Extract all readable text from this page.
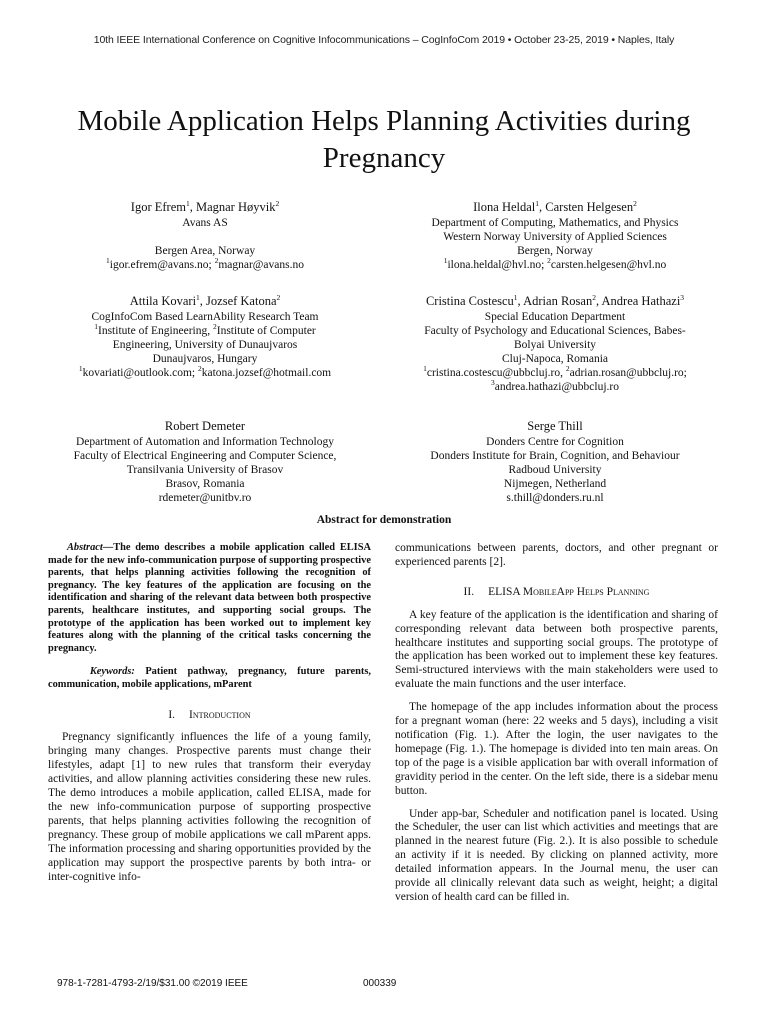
10th IEEE International Conference on Cognitive Infocommunications – CogInfoCom 2019 • October 23-25, 2019 • Naples, Italy
Mobile Application Helps Planning Activities during
Pregnancy
Igor Efrem$^1$, Magnar Høyvik$^2$
Avans AS
Bergen Area, Norway
$^1$igor.efrem@avans.no; $^2$magnar@avans.no
Ilona Heldal$^1$, Carsten Helgesen$^2$
Department of Computing, Mathematics, and Physics
Western Norway University of Applied Sciences
Bergen, Norway
$^1$ilona.heldal@hvl.no; $^2$carsten.helgesen@hvl.no
Attila Kovari$^1$, Jozsef Katona$^2$
CogInfoCom Based LearnAbility Research Team
$^1$Institute of Engineering, $^2$Institute of Computer
Engineering, University of Dunaujvaros
Dunaujvaros, Hungary
$^1$kovariati@outlook.com; $^2$katona.jozsef@hotmail.com
Cristina Costescu$^1$, Adrian Rosan$^2$, Andrea Hathazi$^3$
Special Education Department
Faculty of Psychology and Educational Sciences, Babes-
Bolyai University
Cluj-Napoca, Romania
$^1$cristina.costescu@ubbcluj.ro, $^2$adrian.rosan@ubbcluj.ro;
$^3$andrea.hathazi@ubbcluj.ro
Robert Demeter
Department of Automation and Information Technology
Faculty of Electrical Engineering and Computer Science,
Transilvania University of Brasov
Brasov, Romania
rdemeter@unitbv.ro
Serge Thill
Donders Centre for Cognition
Donders Institute for Brain, Cognition, and Behaviour
Radboud University
Nijmegen, Netherland
s.thill@donders.ru.nl
Abstract for demonstration
Abstract—The demo describes a mobile application called ELISA made for the new info-communication purpose of supporting prospective parents, that helps planning activities following the recognition of pregnancy. The key features of the application are focusing on the identification and sharing of the relevant data between both prospective parents, healthcare institutes, and supporting social groups. The prototype of the application has been worked out to implement key features along with the planning of the critical tasks concerning the pregnancy.
Keywords: Patient pathway, pregnancy, future parents, communication, mobile applications, mParent
I. Introduction

Pregnancy significantly influences the life of a young family, bringing many changes. Prospective parents must change their lifestyles, adapt [1] to new rules that transform their everyday activities, and allow planning activities considering these new rules. The demo introduces a mobile application, called ELISA, made for the new info-communication purpose of supporting prospective parents, that helps planning activities following the recognition of pregnancy. These group of mobile applications we call mParent apps. The information processing and sharing opportunities provided by the application may support the prospective parents by both intra- or inter-cognitive info-

communications between parents, doctors, and other pregnant or experienced parents [2].

II. ELISA MobileApp Helps Planning

A key feature of the application is the identification and sharing of corresponding relevant data between both prospective parents, healthcare institutes and supporting social groups. The prototype of the application has been worked out to implement these key features. Semi-structured interviews with the main stakeholders were used to evaluate the main functions and the user interface.

The homepage of the app includes information about the process for a pregnant woman (here: 22 weeks and 5 days), including a visit notification (Fig. 1.). After the login, the user navigates to the homepage (Fig. 1.). The homepage is divided into ten main areas. On top of the page is a visible application bar with overall information of gravidity period in the center. On the left side, there is a sidebar menu button.

Under app-bar, Scheduler and notification panel is located. Using the Scheduler, the user can list which activities and meetings that are planned in the nearest future (Fig. 2.). It is also possible to schedule an activity if it is needed. By clicking on planned activity, more detailed information appears. In the Journal menu, the user can provide all clinically relevant data such as weight, height; a digital version of health card can be filled in.

978-1-7281-4793-2/19/$31.00 ©2019 IEEE	000339
